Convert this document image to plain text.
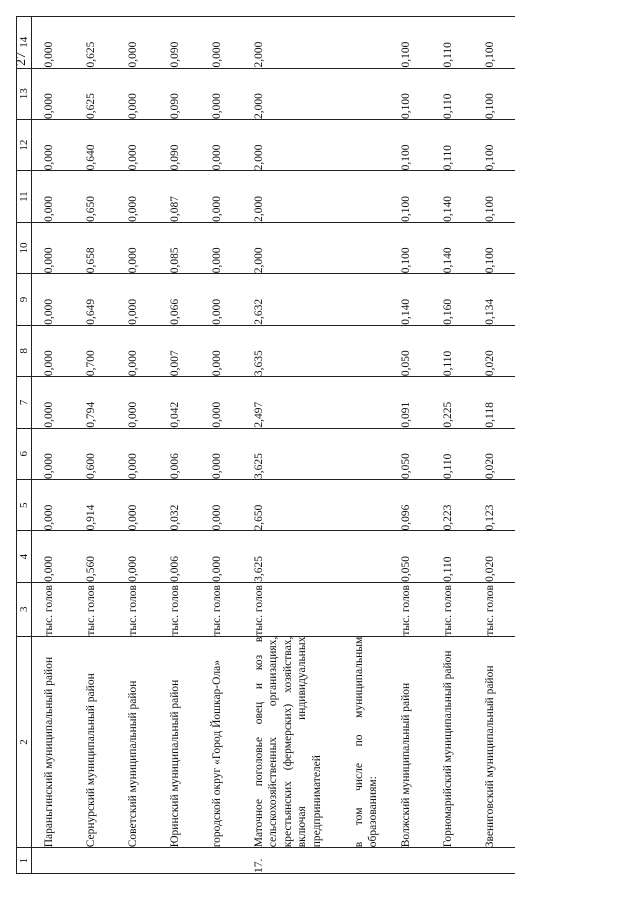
27
1	2	3	4	5	6	7	8	9	10	11	12	13	14
	Параньгинский муниципальный район	тыс. голов	0,000	0,000	0,000	0,000	0,000	0,000	0,000	0,000	0,000	0,000	0,000
	Сернурский муниципальный район	тыс. голов	0,560	0,914	0,600	0,794	0,700	0,649	0,658	0,650	0,640	0,625	0,625
	Советский муниципальный район	тыс. голов	0,000	0,000	0,000	0,000	0,000	0,000	0,000	0,000	0,000	0,000	0,000
	Юринский муниципальный район	тыс. голов	0,006	0,032	0,006	0,042	0,007	0,066	0,085	0,087	0,090	0,090	0,090
	городской округ «Город Йошкар-Ола»	тыс. голов	0,000	0,000	0,000	0,000	0,000	0,000	0,000	0,000	0,000	0,000	0,000
17.	Маточное поголовье овец и коз в сельскохозяйственных организациях, крестьянских (фермерских) хозяйствах, включая индивидуальных предпринимателей	тыс. голов	3,625	2,650	3,625	2,497	3,635	2,632	2,000	2,000	2,000	2,000	2,000
	в том числе по муниципальным образованиям:												
	Волжский муниципальный район	тыс. голов	0,050	0,096	0,050	0,091	0,050	0,140	0,100	0,100	0,100	0,100	0,100
	Горномарийский муниципальный район	тыс. голов	0,110	0,223	0,110	0,225	0,110	0,160	0,140	0,140	0,110	0,110	0,110
	Звениговский муниципальный район	тыс. голов	0,020	0,123	0,020	0,118	0,020	0,134	0,100	0,100	0,100	0,100	0,100
